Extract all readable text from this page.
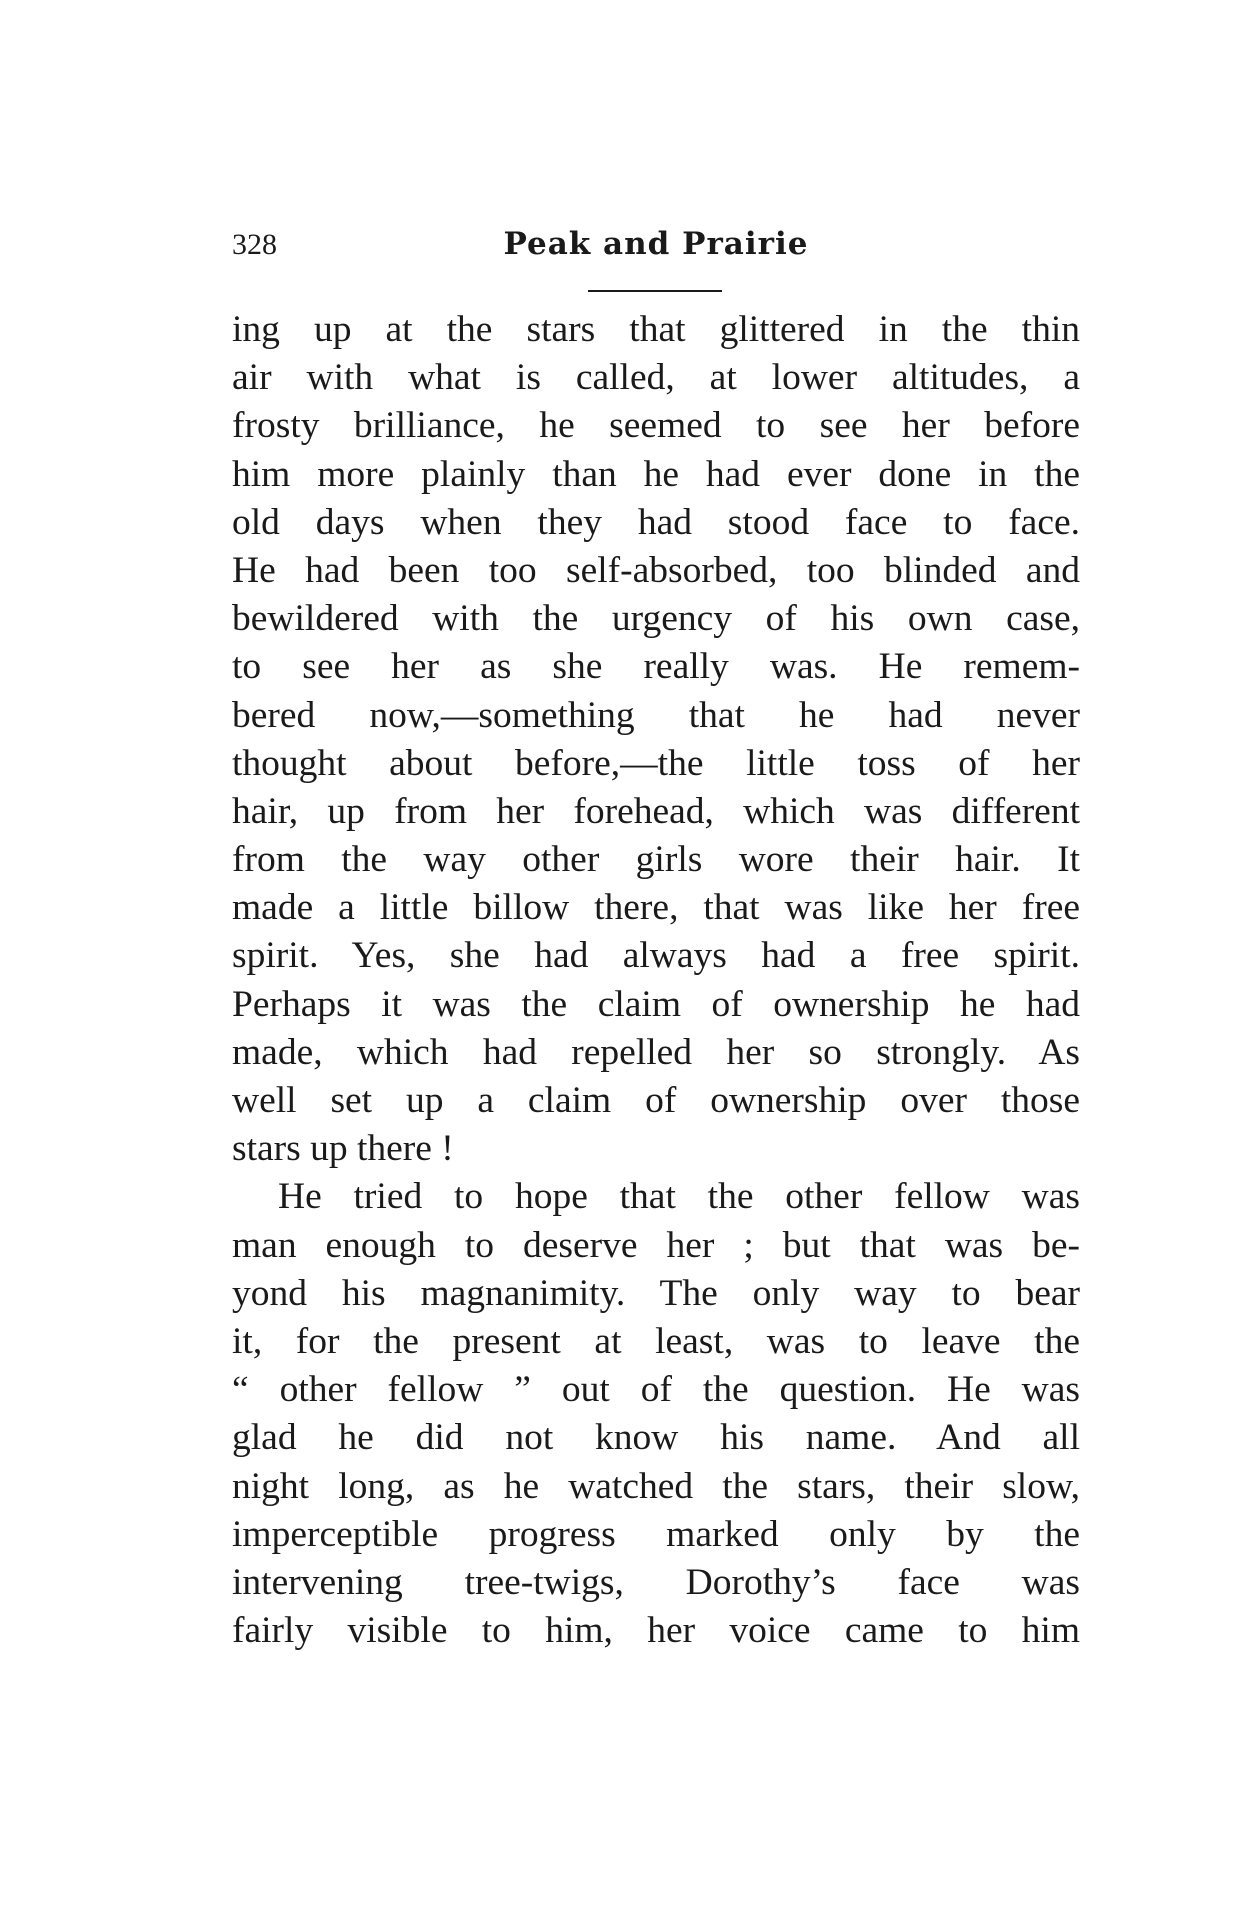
328	Peak and Prairie
ing up at the stars that glittered in the thin
air with what is called, at lower altitudes, a
frosty brilliance, he seemed to see her before
him more plainly than he had ever done in the
old days when they had stood face to face.
He had been too self-absorbed, too blinded and
bewildered with the urgency of his own case,
to see her as she really was. He remem-
bered now,—something that he had never
thought about before,—the little toss of her
hair, up from her forehead, which was different
from the way other girls wore their hair. It
made a little billow there, that was like her free
spirit. Yes, she had always had a free spirit.
Perhaps it was the claim of ownership he had
made, which had repelled her so strongly. As
well set up a claim of ownership over those
stars up there !
He tried to hope that the other fellow was
man enough to deserve her ; but that was be-
yond his magnanimity. The only way to bear
it, for the present at least, was to leave the
“ other fellow ” out of the question. He was
glad he did not know his name. And all
night long, as he watched the stars, their slow,
imperceptible progress marked only by the
intervening tree-twigs, Dorothy’s face was
fairly visible to him, her voice came to him
